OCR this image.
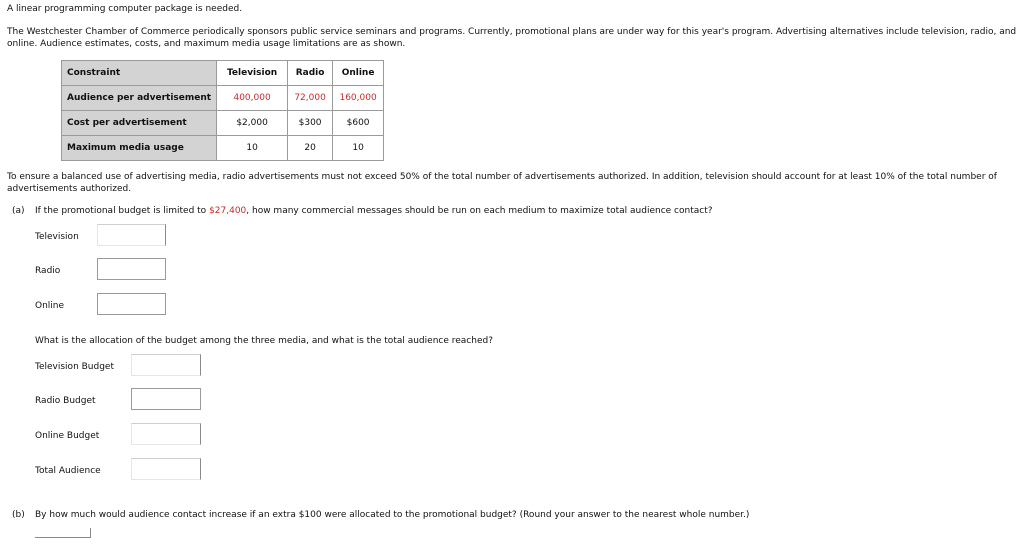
A linear programming computer package is needed.
The Westchester Chamber of Commerce periodically sponsors public service seminars and programs. Currently, promotional plans are under way for this year's program. Advertising alternatives include television, radio, and online. Audience estimates, costs, and maximum media usage limitations are as shown.
Constraint	Television	Radio	Online
Audience per advertisement	400,000	72,000	160,000
Cost per advertisement	$2,000	$300	$600
Maximum media usage	10	20	10
To ensure a balanced use of advertising media, radio advertisements must not exceed 50% of the total number of advertisements authorized. In addition, television should account for at least 10% of the total number of advertisements authorized.
(a) If the promotional budget is limited to $27,400, how many commercial messages should be run on each medium to maximize total audience contact?
Television
Radio
Online
What is the allocation of the budget among the three media, and what is the total audience reached?
Television Budget
Radio Budget
Online Budget
Total Audience
(b) By how much would audience contact increase if an extra $100 were allocated to the promotional budget? (Round your answer to the nearest whole number.)
